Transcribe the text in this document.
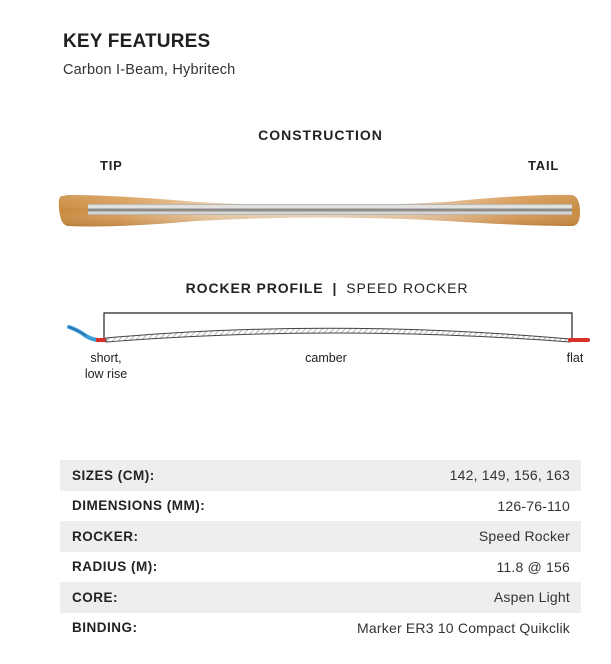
KEY FEATURES
Carbon I-Beam, Hybritech
CONSTRUCTION
TIP	TAIL
ROCKER PROFILE | SPEED ROCKER
short,
low rise
camber	flat
SIZES (CM):	142, 149, 156, 163
DIMENSIONS (MM):	126-76-110
ROCKER:	Speed Rocker
RADIUS (M):	11.8 @ 156
CORE:	Aspen Light
BINDING:	Marker ER3 10 Compact Quikclik
